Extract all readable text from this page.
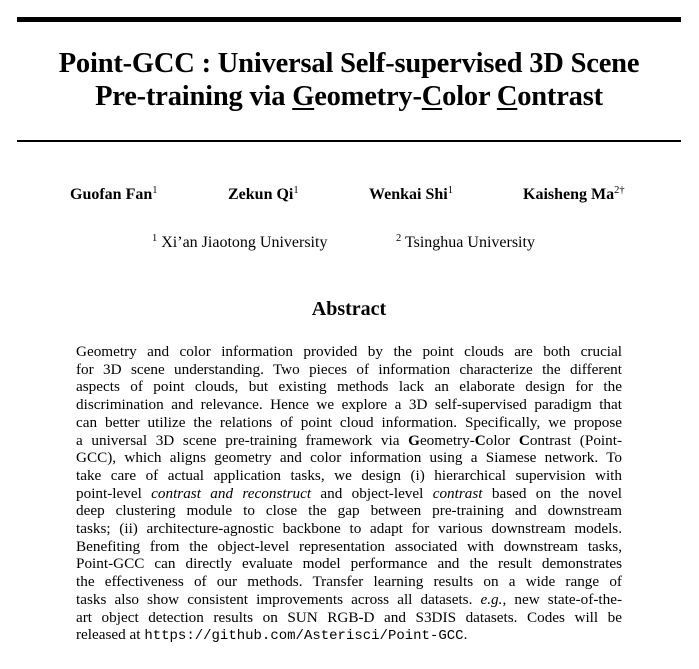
Point-GCC : Universal Self-supervised 3D Scene
Pre-training via Geometry-Color Contrast
Guofan Fan$^1$	Zekun Qi$^1$	Wenkai Shi$^1$	Kaisheng $Ma^{2\dagger}$
$^1$ Xi’an Jiaotong University	$^2$ Tsinghua University
Abstract
Geometry and color information provided by the point clouds are both crucial
for 3D scene understanding. Two pieces of information characterize the different
aspects of point clouds, but existing methods lack an elaborate design for the
discrimination and relevance. Hence we explore a 3D self-supervised paradigm that
can better utilize the relations of point cloud information. Specifically, we propose
a universal 3D scene pre-training framework via Geometry-Color Contrast (Point-
GCC), which aligns geometry and color information using a Siamese network. To
take care of actual application tasks, we design (i) hierarchical supervision with
point-level contrast and reconstruct and object-level contrast based on the novel
deep clustering module to close the gap between pre-training and downstream
tasks; (ii) architecture-agnostic backbone to adapt for various downstream models.
Benefiting from the object-level representation associated with downstream tasks,
Point-GCC can directly evaluate model performance and the result demonstrates
the effectiveness of our methods. Transfer learning results on a wide range of
tasks also show consistent improvements across all datasets. e.g., new state-of-the-
art object detection results on SUN RGB-D and S3DIS datasets. Codes will be
released at https://github.com/Asterisci/Point-GCC.
